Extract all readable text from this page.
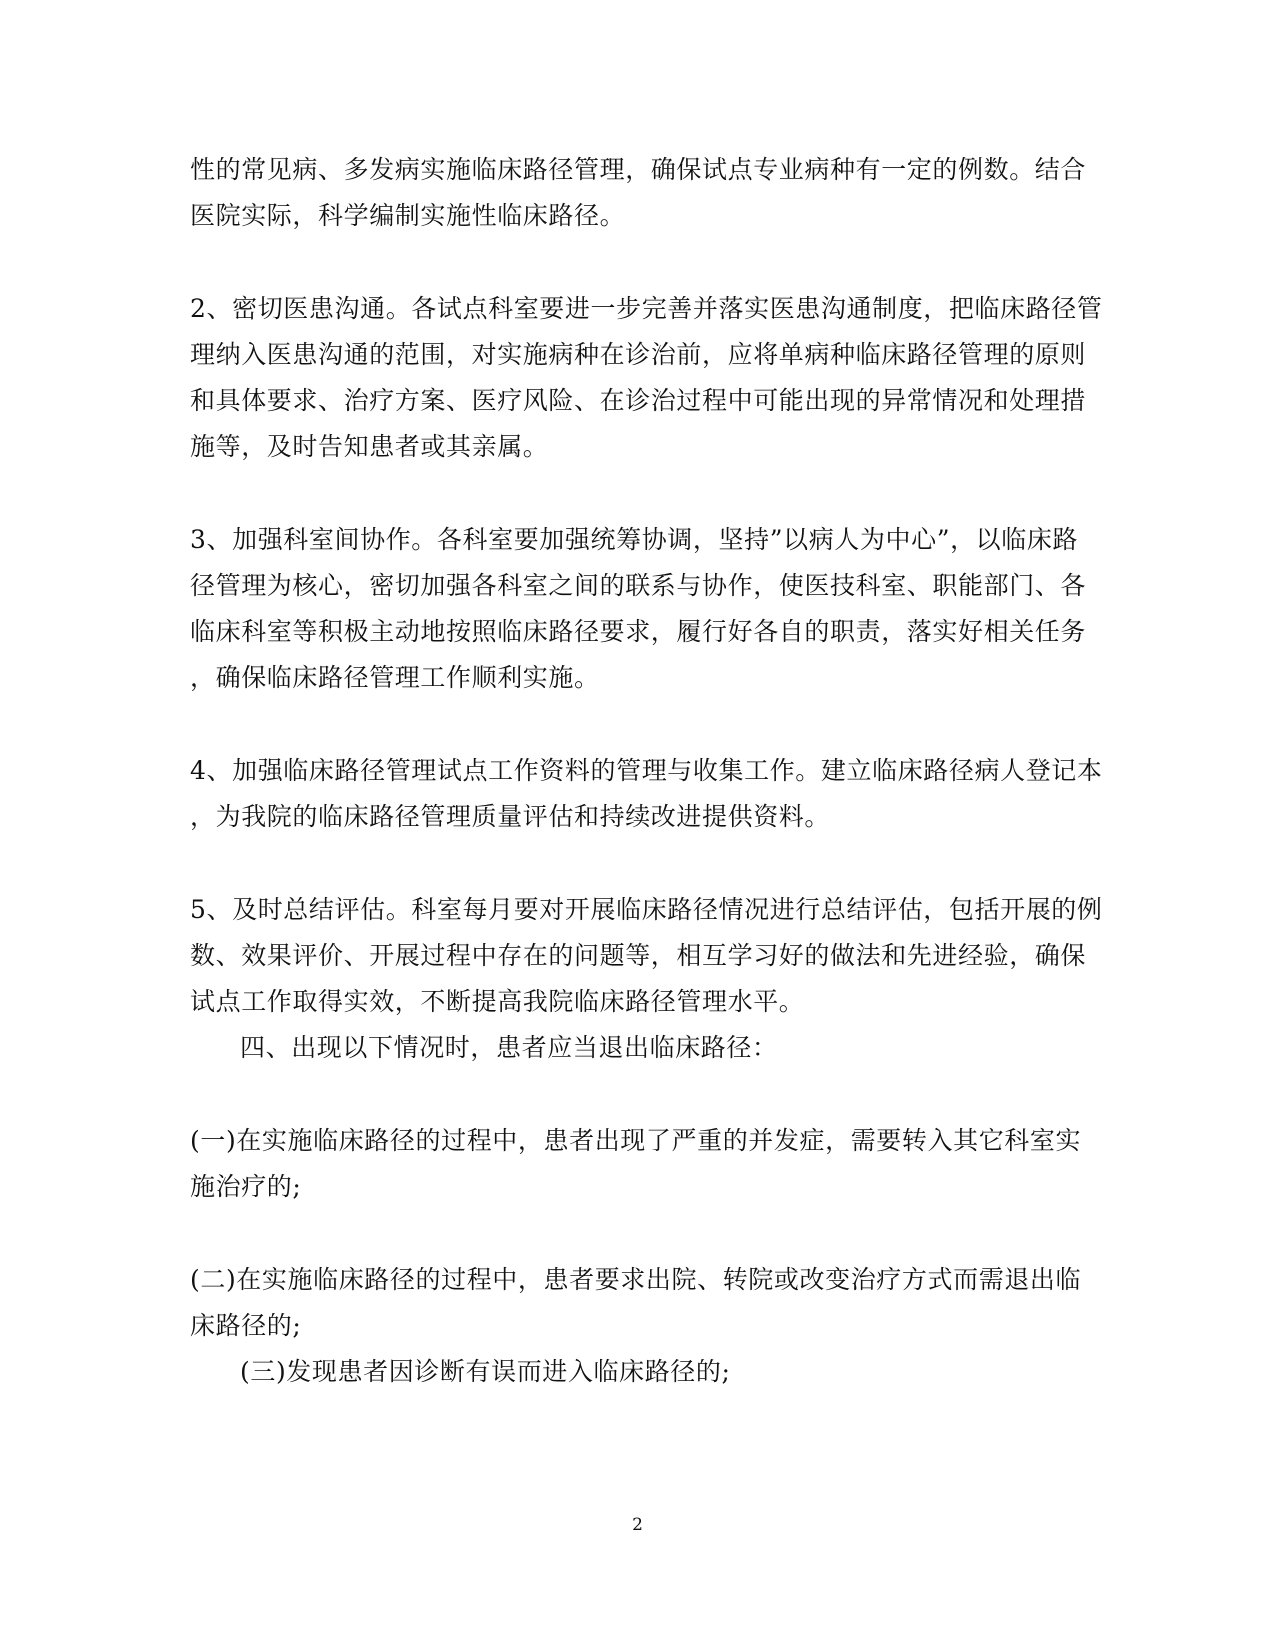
性的常见病、多发病实施临床路径管理，确保试点专业病种有一定的例数。结合
医院实际，科学编制实施性临床路径。
2、密切医患沟通。各试点科室要进一步完善并落实医患沟通制度，把临床路径管
理纳入医患沟通的范围，对实施病种在诊治前，应将单病种临床路径管理的原则
和具体要求、治疗方案、医疗风险、在诊治过程中可能出现的异常情况和处理措
施等，及时告知患者或其亲属。
3、加强科室间协作。各科室要加强统筹协调，坚持”以病人为中心”，以临床路
径管理为核心，密切加强各科室之间的联系与协作，使医技科室、职能部门、各
临床科室等积极主动地按照临床路径要求，履行好各自的职责，落实好相关任务
，确保临床路径管理工作顺利实施。
4、加强临床路径管理试点工作资料的管理与收集工作。建立临床路径病人登记本
，为我院的临床路径管理质量评估和持续改进提供资料。
5、及时总结评估。科室每月要对开展临床路径情况进行总结评估，包括开展的例
数、效果评价、开展过程中存在的问题等，相互学习好的做法和先进经验，确保
试点工作取得实效，不断提高我院临床路径管理水平。
四、出现以下情况时，患者应当退出临床路径：
(一)在实施临床路径的过程中，患者出现了严重的并发症，需要转入其它科室实
施治疗的;
(二)在实施临床路径的过程中，患者要求出院、转院或改变治疗方式而需退出临
床路径的;
(三)发现患者因诊断有误而进入临床路径的;
2
